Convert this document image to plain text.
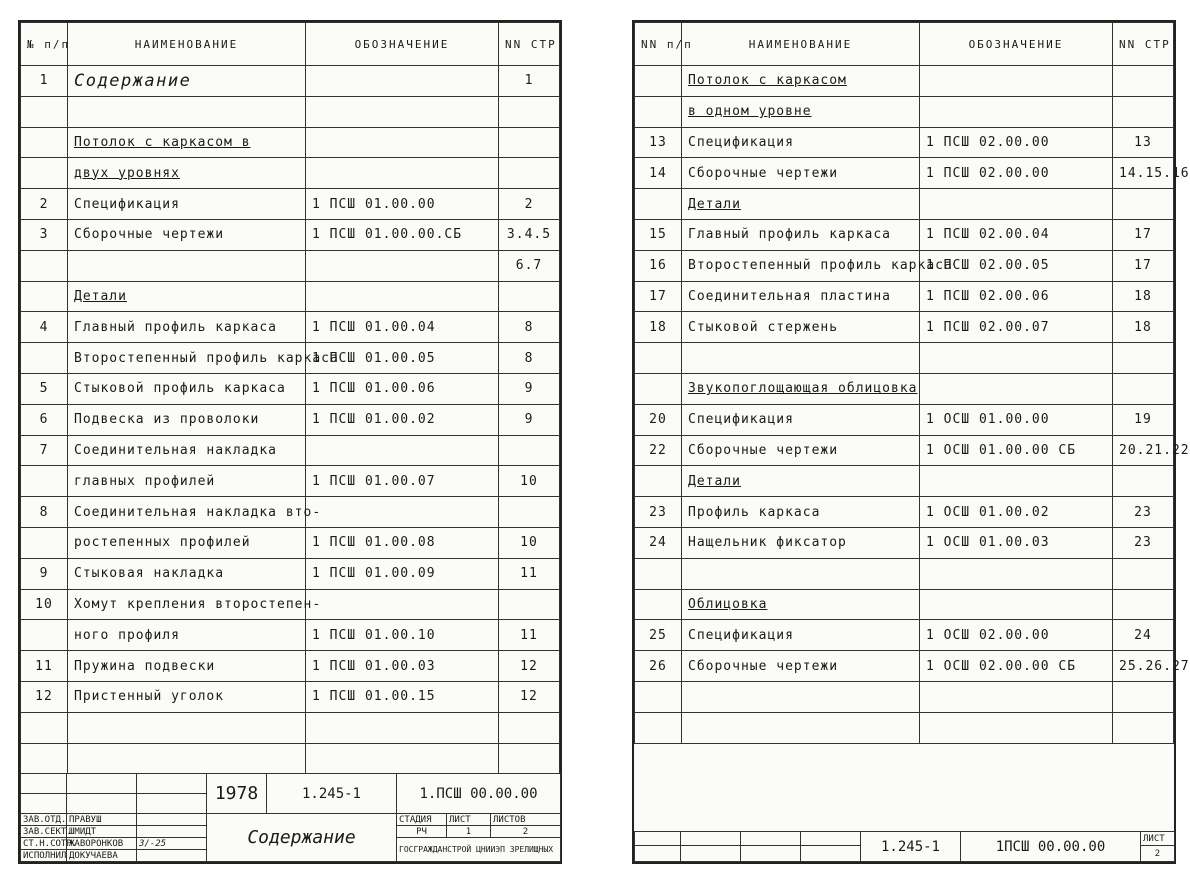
№ п/п	НАИМЕНОВАНИЕ	ОБОЗНАЧЕНИЕ	NN СТР
1	Содержание		1

	Потолок с каркасом в		
	двух уровнях		
2	Спецификация	1 ПСШ 01.00.00	2
3	Сборочные чертежи	1 ПСШ 01.00.00.СБ	3.4.5
			6.7
	Детали		
4	Главный профиль каркаса	1 ПСШ 01.00.04	8
	Второстепенный профиль каркаса	1 ПСШ 01.00.05	8
5	Стыковой профиль каркаса	1 ПСШ 01.00.06	9
6	Подвеска из проволоки	1 ПСШ 01.00.02	9
7	Соединительная накладка		
	главных профилей	1 ПСШ 01.00.07	10
8	Соединительная накладка вто-		
	ростепенных профилей	1 ПСШ 01.00.08	10
9	Стыковая накладка	1 ПСШ 01.00.09	11
10	Хомут крепления второстепен-		
	ного профиля	1 ПСШ 01.00.10	11
11	Пружина подвески	1 ПСШ 01.00.03	12
12	Пристенный уголок	1 ПСШ 01.00.15	12

			1978	1.245-1	1.ПСШ 00.00.00		

ЗАВ.ОТД.	ПРАВУШ		Содержание		СТАДИЯ	ЛИСТ	ЛИСТОВ
ЗАВ.СЕКТ.	ШМИДТ				РЧ	1	2
СТ.Н.СОТР.	ЖАВОРОНКОВ	3/-25			ГОСГРАЖДАНСТРОЙ ЦНИИЭП ЗРЕЛИЩНЫХ		
ИСПОЛНИЛ	ДОКУЧАЕВА						
NN п/п	НАИМЕНОВАНИЕ	ОБОЗНАЧЕНИЕ	NN СТР
	Потолок с каркасом		
	в одном уровне		
13	Спецификация	1 ПСШ 02.00.00	13
14	Сборочные чертежи	1 ПСШ 02.00.00	14.15.16
	Детали		
15	Главный профиль каркаса	1 ПСШ 02.00.04	17
16	Второстепенный профиль каркаса	1 ПСШ 02.00.05	17
17	Соединительная пластина	1 ПСШ 02.00.06	18
18	Стыковой стержень	1 ПСШ 02.00.07	18

	Звукопоглощающая облицовка		
20	Спецификация	1 ОСШ 01.00.00	19
22	Сборочные чертежи	1 ОСШ 01.00.00 СБ	20.21.22
	Детали		
23	Профиль каркаса	1 ОСШ 01.00.02	23
24	Нащельник фиксатор	1 ОСШ 01.00.03	23

	Облицовка		
25	Спецификация	1 ОСШ 02.00.00	24
26	Сборочные чертежи	1 ОСШ 02.00.00 СБ	25.26.27

				1.245-1	1ПСШ 00.00.00	ЛИСТ
						2
